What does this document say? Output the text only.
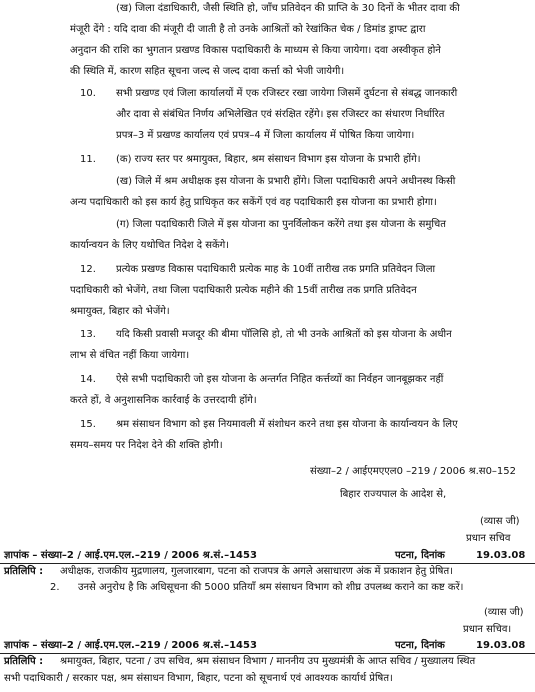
(ख) जिला दंडाधिकारी, जैसी स्थिति हो, जाँच प्रतिवेदन की प्राप्ति के 30 दिनों के भीतर दावा की
मंजूरी देंगे : यदि दावा की मंजूरी दी जाती है तो उनके आश्रितों को रेखांकित चेक / डिमांड ड्राफ्ट द्वारा
अनुदान की राशि का भुगतान प्रखण्ड विकास पदाधिकारी के माध्यम से किया जायेगा। दवा अस्वीकृत होने
की स्थिति में, कारण सहित सूचना जल्द से जल्द दावा कर्त्ता को भेजी जायेगी।
10. सभी प्रखण्ड एवं जिला कार्यालयों में एक रजिस्टर रखा जायेगा जिसमें दुर्घटना से संबद्ध जानकारी
और दावा से संबंधित निर्णय अभिलेखित एवं संरक्षित रहेंगे। इस रजिस्टर का संधारण निर्धारित
प्रपत्र–3 में प्रखण्ड कार्यालय एवं प्रपत्र–4 में जिला कार्यालय में पोषित किया जायेगा।
11. (क) राज्य स्तर पर श्रमायुक्त, बिहार, श्रम संसाधन विभाग इस योजना के प्रभारी होंगे।
(ख) जिले में श्रम अधीक्षक इस योजना के प्रभारी होंगे। जिला पदाधिकारी अपने अधीनस्थ किसी
अन्य पदाधिकारी को इस कार्य हेतु प्राधिकृत कर सकेंगें एवं वह पदाधिकारी इस योजना का प्रभारी होगा।
(ग) जिला पदाधिकारी जिले में इस योजना का पुनर्विलोकन करेंगे तथा इस योजना के समुचित
कार्यान्वयन के लिए यथोचित निदेश दे सकेंगे।
12. प्रत्येक प्रखण्ड विकास पदाधिकारी प्रत्येक माह के 10वीं तारीख तक प्रगति प्रतिवेदन जिला
पदाधिकारी को भेजेंगे, तथा जिला पदाधिकारी प्रत्येक महीने की 15वीं तारीख तक प्रगति प्रतिवेदन
श्रमायुक्त, बिहार को भेजेंगे।
13. यदि किसी प्रवासी मजदूर की बीमा पॉलिसि हो, तो भी उनके आश्रितों को इस योजना के अधीन
लाभ से वंचित नहीं किया जायेगा।
14. ऐसे सभी पदाधिकारी जो इस योजना के अन्तर्गत निहित कर्त्तव्यों का निर्वहन जानबूझकर नहीं
करते हों, वे अनुशासनिक कार्रवाई के उत्तरदायी होंगे।
15. श्रम संसाधन विभाग को इस नियमावली में संशोधन करने तथा इस योजना के कार्यान्वयन के लिए
समय–समय पर निदेश देने की शक्ति होगी।
संख्या–2 / आईएमएएल0 –219 / 2006 श्र.स0–152
बिहार राज्यपाल के आदेश से,
(व्यास जी)
प्रधान सचिव
ज्ञापांक – संख्या–2 / आई.एम.एल.–219 / 2006 श्र.सं.–1453	पटना, दिनांक	19.03.08
प्रतिलिपि : अधीक्षक, राजकीय मुद्रणालय, गुलजारबाग, पटना को राजपत्र के अगले असाधारण अंक में प्रकाशन हेतु प्रेषित।
2. उनसे अनुरोध है कि अधिसूचना की 5000 प्रतियाँ श्रम संसाधन विभाग को शीघ्र उपलब्ध कराने का कष्ट करें।
(व्यास जी)
प्रधान सचिव।
ज्ञापांक – संख्या–2 / आई.एम.एल.–219 / 2006 श्र.सं.–1453	पटना, दिनांक	19.03.08
प्रतिलिपि : श्रमायुक्त, बिहार, पटना / उप सचिव, श्रम संसाधन विभाग / माननीय उप मुख्यमंत्री के आप्त सचिव / मुख्यालय स्थित
सभी पदाधिकारी / सरकार पक्ष, श्रम संसाधन विभाग, बिहार, पटना को सूचनार्थ एवं आवश्यक कार्यार्थ प्रेषित।
